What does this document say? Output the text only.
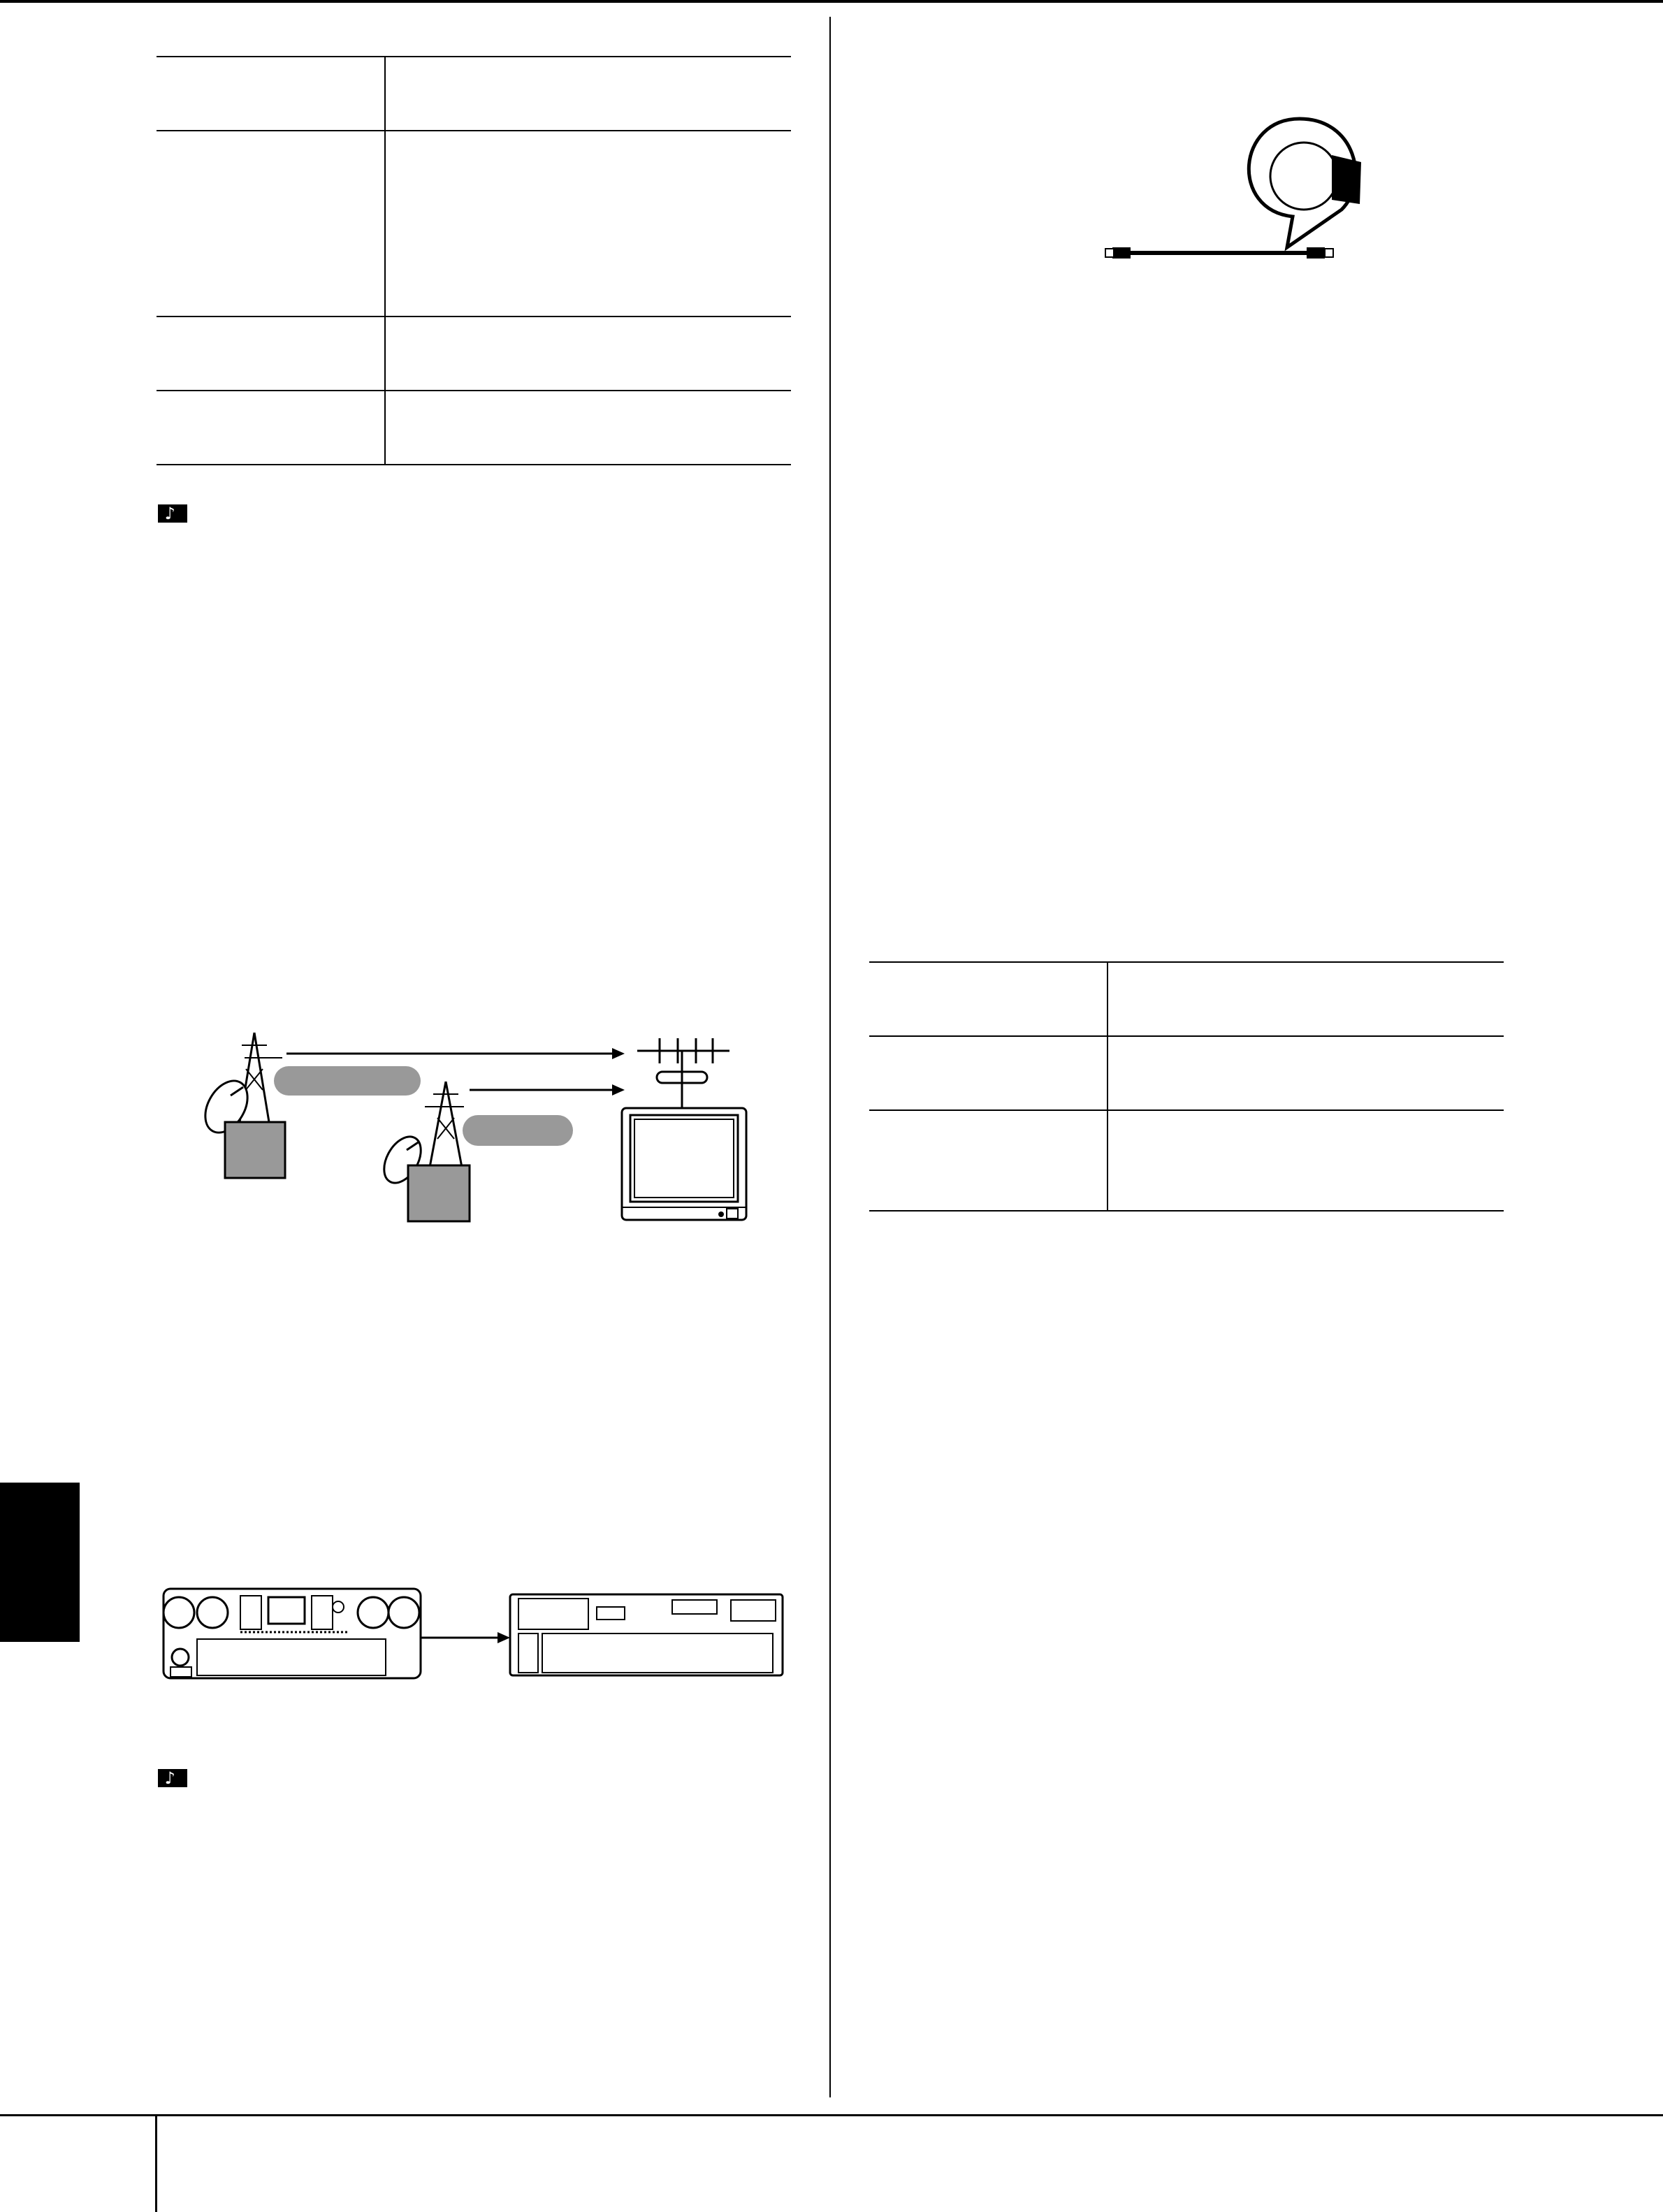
♪
♪
